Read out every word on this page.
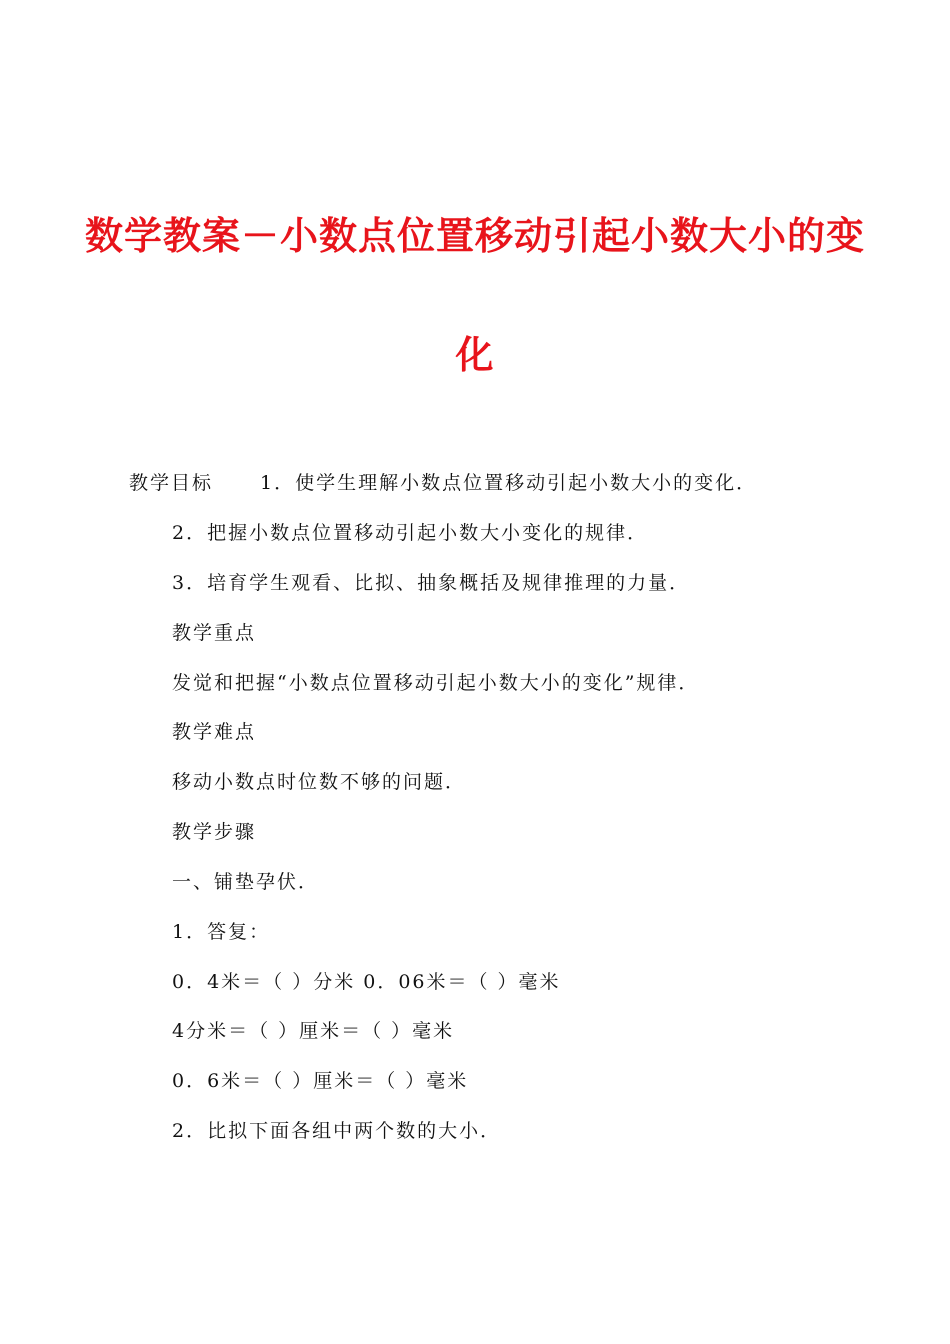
数学教案－小数点位置移动引起小数大小的变
化
教学目标 1．使学生理解小数点位置移动引起小数大小的变化．
2．把握小数点位置移动引起小数大小变化的规律．
3．培育学生观看、比拟、抽象概括及规律推理的力量．
教学重点
发觉和把握“小数点位置移动引起小数大小的变化”规律．
教学难点
移动小数点时位数不够的问题．
教学步骤
一、铺垫孕伏．
1．答复：
0．4米＝（ ）分米 0．06米＝（ ）毫米
4分米＝（ ）厘米＝（ ）毫米
0．6米＝（ ）厘米＝（ ）毫米
2．比拟下面各组中两个数的大小．
